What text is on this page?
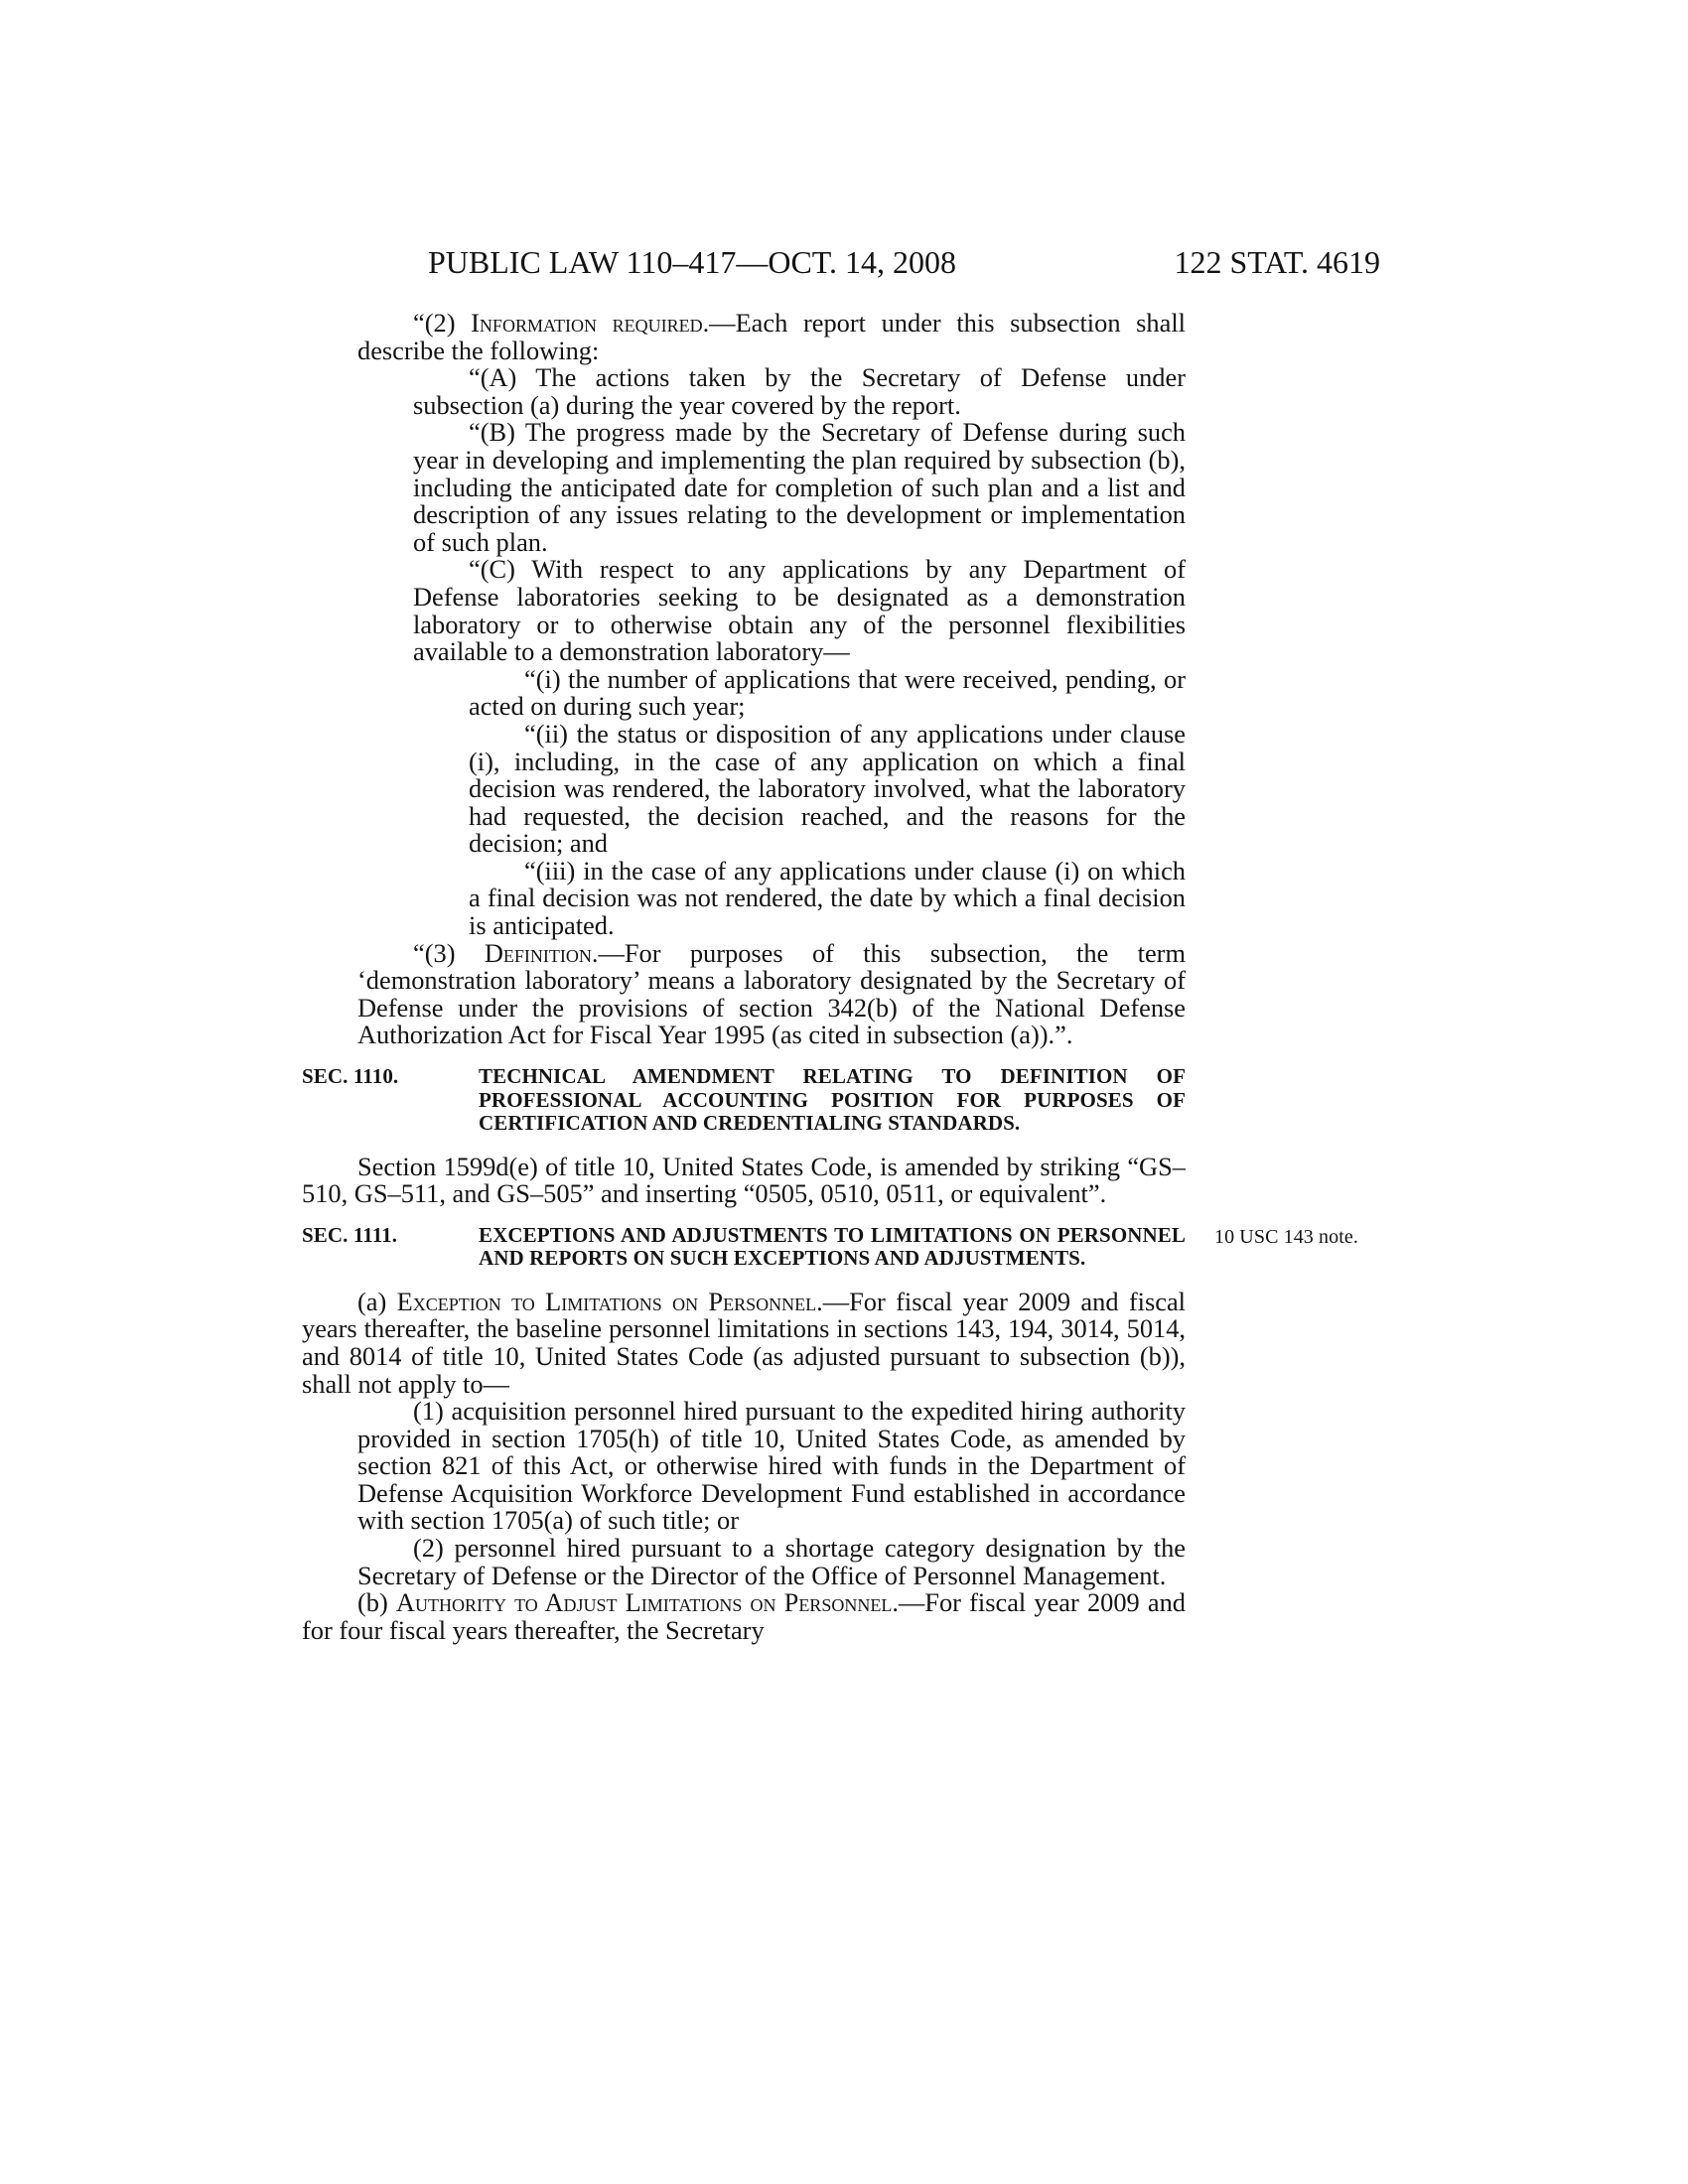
PUBLIC LAW 110–417—OCT. 14, 2008	122 STAT. 4619

“(2) Information required.—Each report under this subsection shall describe the following:

“(A) The actions taken by the Secretary of Defense under subsection (a) during the year covered by the report.

“(B) The progress made by the Secretary of Defense during such year in developing and implementing the plan required by subsection (b), including the anticipated date for completion of such plan and a list and description of any issues relating to the development or implementation of such plan.

“(C) With respect to any applications by any Department of Defense laboratories seeking to be designated as a demonstration laboratory or to otherwise obtain any of the personnel flexibilities available to a demonstration laboratory—

“(i) the number of applications that were received, pending, or acted on during such year;

“(ii) the status or disposition of any applications under clause (i), including, in the case of any application on which a final decision was rendered, the laboratory involved, what the laboratory had requested, the decision reached, and the reasons for the decision; and

“(iii) in the case of any applications under clause (i) on which a final decision was not rendered, the date by which a final decision is anticipated.

“(3) Definition.—For purposes of this subsection, the term ‘demonstration laboratory’ means a laboratory designated by the Secretary of Defense under the provisions of section 342(b) of the National Defense Authorization Act for Fiscal Year 1995 (as cited in subsection (a)).”.

SEC. 1110.	TECHNICAL AMENDMENT RELATING TO DEFINITION OF PROFESSIONAL ACCOUNTING POSITION FOR PURPOSES OF CERTIFICATION AND CREDENTIALING STANDARDS.

Section 1599d(e) of title 10, United States Code, is amended by striking “GS–510, GS–511, and GS–505” and inserting “0505, 0510, 0511, or equivalent”.

SEC. 1111.	EXCEPTIONS AND ADJUSTMENTS TO LIMITATIONS ON PERSONNEL AND REPORTS ON SUCH EXCEPTIONS AND ADJUSTMENTS.
10 USC 143 note.

(a) Exception to Limitations on Personnel.—For fiscal year 2009 and fiscal years thereafter, the baseline personnel limitations in sections 143, 194, 3014, 5014, and 8014 of title 10, United States Code (as adjusted pursuant to subsection (b)), shall not apply to—

(1) acquisition personnel hired pursuant to the expedited hiring authority provided in section 1705(h) of title 10, United States Code, as amended by section 821 of this Act, or otherwise hired with funds in the Department of Defense Acquisition Workforce Development Fund established in accordance with section 1705(a) of such title; or

(2) personnel hired pursuant to a shortage category designation by the Secretary of Defense or the Director of the Office of Personnel Management.

(b) Authority to Adjust Limitations on Personnel.—For fiscal year 2009 and for four fiscal years thereafter, the Secretary
